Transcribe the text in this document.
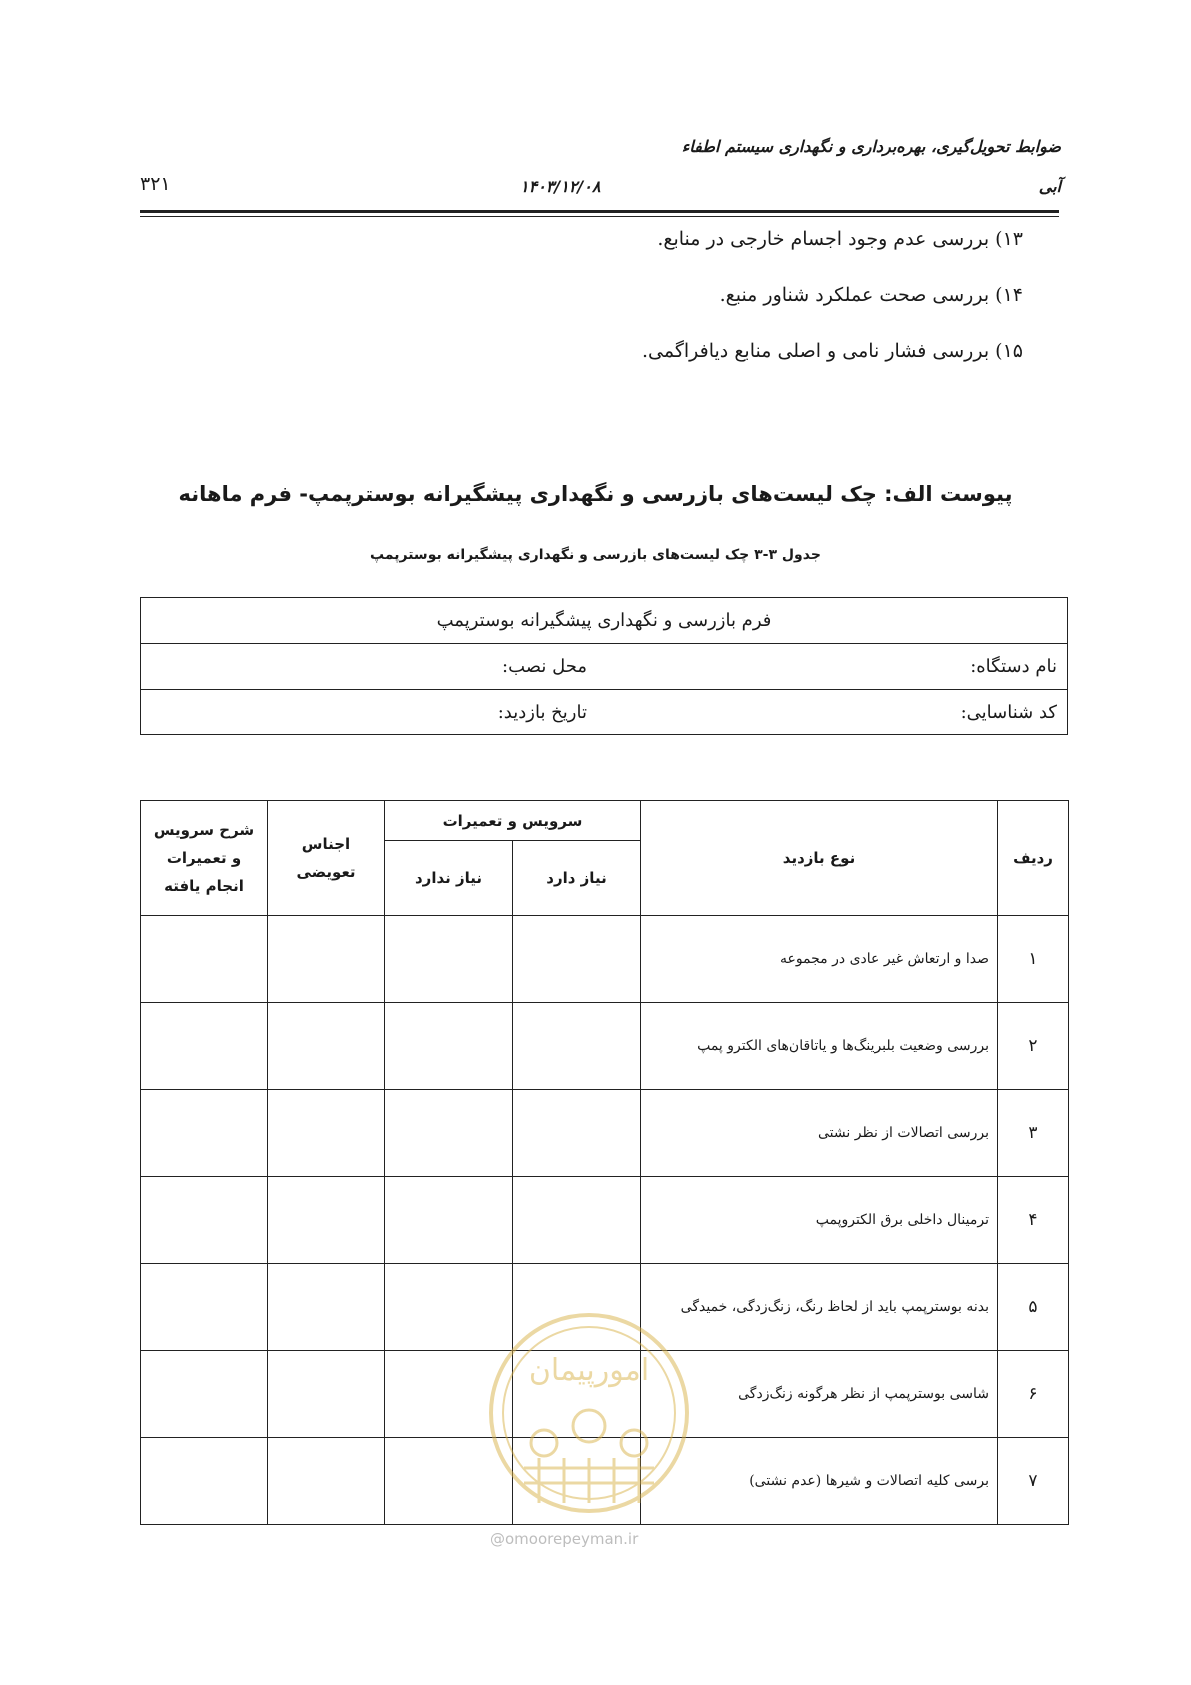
ضوابط تحویل‌گیری، بهره‌برداری و نگهداری سیستم اطفاء
آبی
۱۴۰۳/۱۲/۰۸
۳۲۱
۱۳) بررسی عدم وجود اجسام خارجی در منابع.
۱۴) بررسی صحت عملکرد شناور منبع.
۱۵) بررسی فشار نامی و اصلی منابع دیافراگمی.
پیوست الف: چک لیست‌های بازرسی و نگهداری پیشگیرانه بوسترپمپ- فرم ماهانه
جدول ۳-۳ چک لیست‌های بازرسی و نگهداری پیشگیرانه بوسترپمپ
فرم بازرسی و نگهداری پیشگیرانه بوسترپمپ
نام دستگاه:
محل نصب:
کد شناسایی:
تاریخ بازدید:
ردیف	نوع بازدید	سرویس و تعمیرات		اجناس تعویضی	شرح سرویس و تعمیرات انجام یافته
		نیاز دارد	نیاز ندارد		
۱	صدا و ارتعاش غیر عادی در مجموعه				
۲	بررسی وضعیت بلبرینگ‌ها و یاتاقان‌های الکترو پمپ				
۳	بررسی اتصالات از نظر نشتی				
۴	ترمینال داخلی برق الکتروپمپ				
۵	بدنه بوسترپمپ باید از لحاظ رنگ، زنگ‌زدگی، خمیدگی				
۶	شاسی بوسترپمپ از نظر هرگونه زنگ‌زدگی				
۷	برسی کلیه اتصالات و شیرها (عدم نشتی)				
امورپیمان
@omoorepeyman.ir
